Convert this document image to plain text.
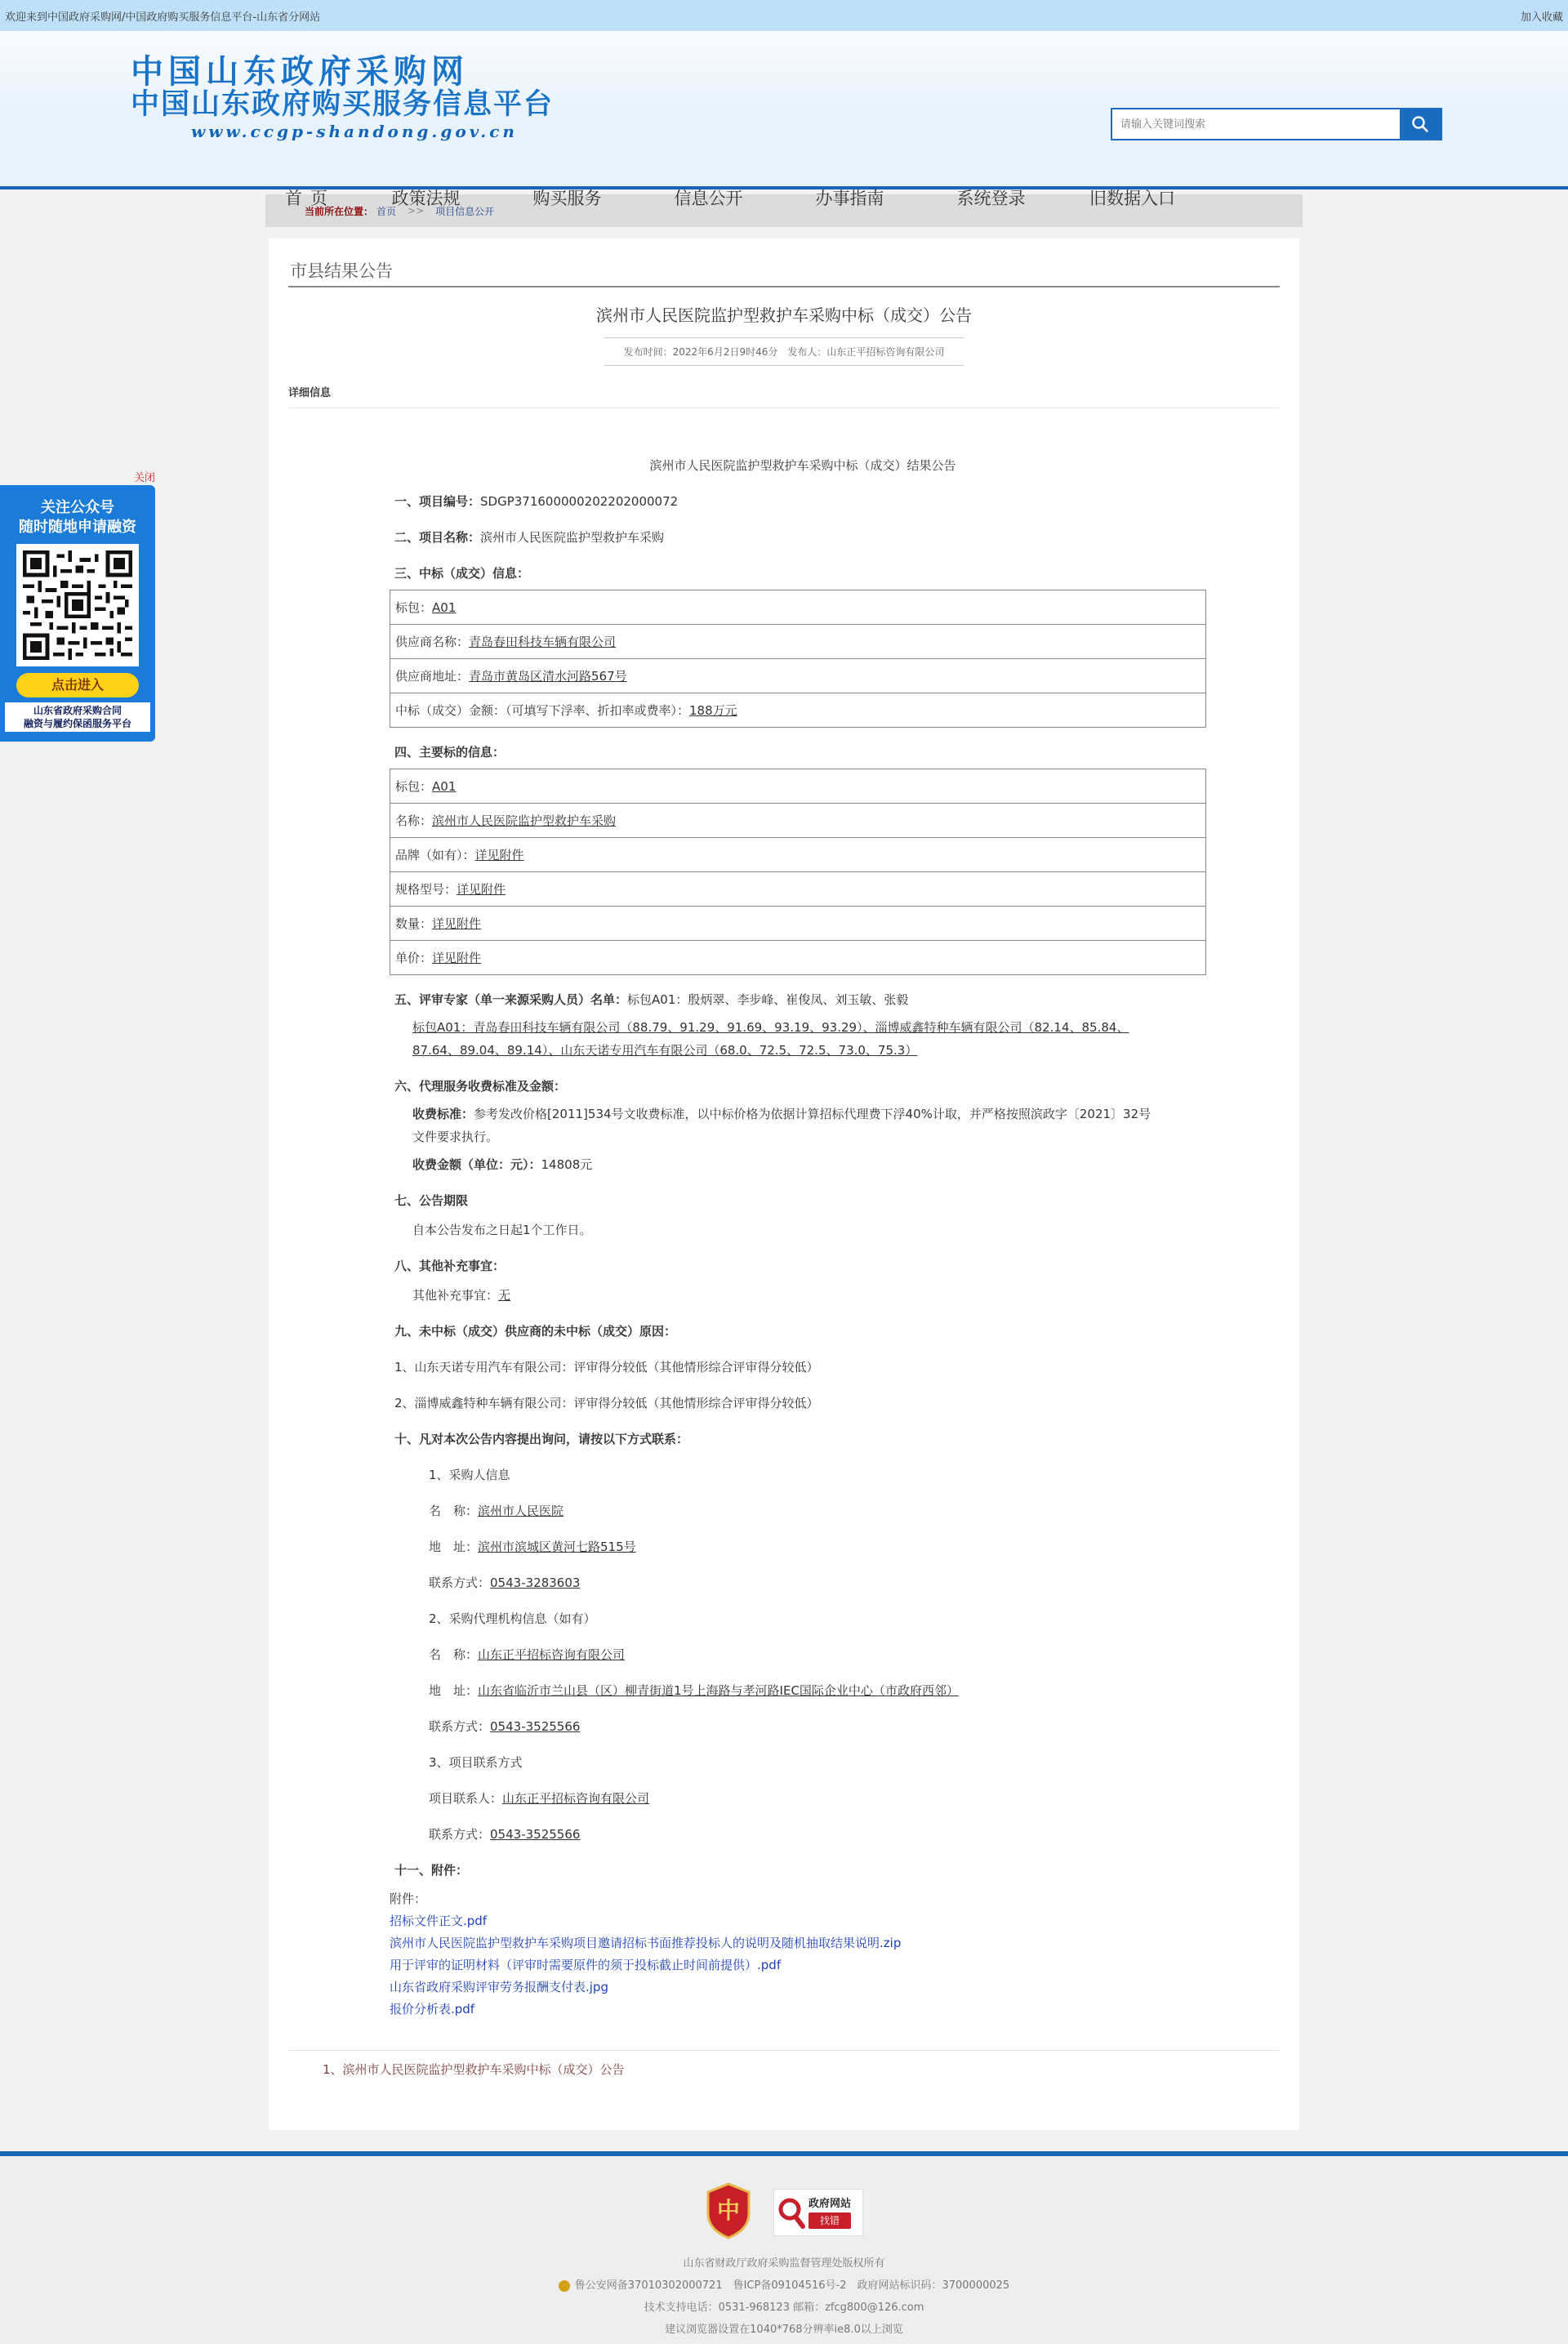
欢迎来到中国政府采购网/中国政府购买服务信息平台-山东省分网站	加入收藏
中国山东政府采购网
中国山东政府购买服务信息平台
www.ccgp-shandong.gov.cn
请输入关键词搜索
首页	政策法规	购买服务	信息公开	办事指南	系统登录	旧数据入口
当前所在位置： 首页 >> 项目信息公开
关闭
关注公众号
随时随地申请融资
点击进入
山东省政府采购合同
融资与履约保函服务平台
市县结果公告
滨州市人民医院监护型救护车采购中标（成交）公告
发布时间：2022年6月2日9时46分　发布人：山东正平招标咨询有限公司
详细信息
滨州市人民医院监护型救护车采购中标（成交）结果公告

一、项目编号：SDGP371600000202202000072

二、项目名称：滨州市人民医院监护型救护车采购

三、中标（成交）信息：

标包：A01
供应商名称：青岛春田科技车辆有限公司
供应商地址：青岛市黄岛区清水河路567号
中标（成交）金额：（可填写下浮率、折扣率或费率）：188万元

四、主要标的信息：

标包：A01
名称：滨州市人民医院监护型救护车采购
品牌（如有）：详见附件
规格型号：详见附件
数量：详见附件
单价：详见附件

五、评审专家（单一来源采购人员）名单：标包A01：殷炳翠、李步峰、崔俊凤、刘玉敏、张毅

标包A01：青岛春田科技车辆有限公司（88.79、91.29、91.69、93.19、93.29）、淄博威鑫特种车辆有限公司（82.14、85.84、87.64、89.04、89.14）、山东天诺专用汽车有限公司（68.0、72.5、72.5、73.0、75.3）

六、代理服务收费标准及金额：

收费标准：参考发改价格[2011]534号文收费标准，以中标价格为依据计算招标代理费下浮40%计取，并严格按照滨政字〔2021〕32号文件要求执行。

收费金额（单位：元）：14808元

七、公告期限

自本公告发布之日起1个工作日。

八、其他补充事宜：

其他补充事宜：无

九、未中标（成交）供应商的未中标（成交）原因：

1、山东天诺专用汽车有限公司：评审得分较低（其他情形综合评审得分较低）

2、淄博威鑫特种车辆有限公司：评审得分较低（其他情形综合评审得分较低）

十、凡对本次公告内容提出询问，请按以下方式联系：

1、采购人信息

名　称：滨州市人民医院

地　址：滨州市滨城区黄河七路515号

联系方式：0543-3283603

2、采购代理机构信息（如有）

名　称：山东正平招标咨询有限公司

地　址：山东省临沂市兰山县（区）柳青街道1号上海路与孝河路IEC国际企业中心（市政府西邻）

联系方式：0543-3525566

3、项目联系方式

项目联系人：山东正平招标咨询有限公司

联系方式：0543-3525566

十一、附件：

附件：
招标文件正文.pdf
滨州市人民医院监护型救护车采购项目邀请招标书面推荐投标人的说明及随机抽取结果说明.zip
用于评审的证明材料（评审时需要原件的须于投标截止时间前提供）.pdf
山东省政府采购评审劳务报酬支付表.jpg
报价分析表.pdf
1、滨州市人民医院监护型救护车采购中标（成交）公告
中	政府网站
找错
山东省财政厅政府采购监督管理处版权所有
鲁公安网备37010302000721　鲁ICP备09104516号-2　政府网站标识码：3700000025
技术支持电话：0531-968123 邮箱：zfcg800@126.com
建议浏览器设置在1040*768分辨率ie8.0以上浏览
